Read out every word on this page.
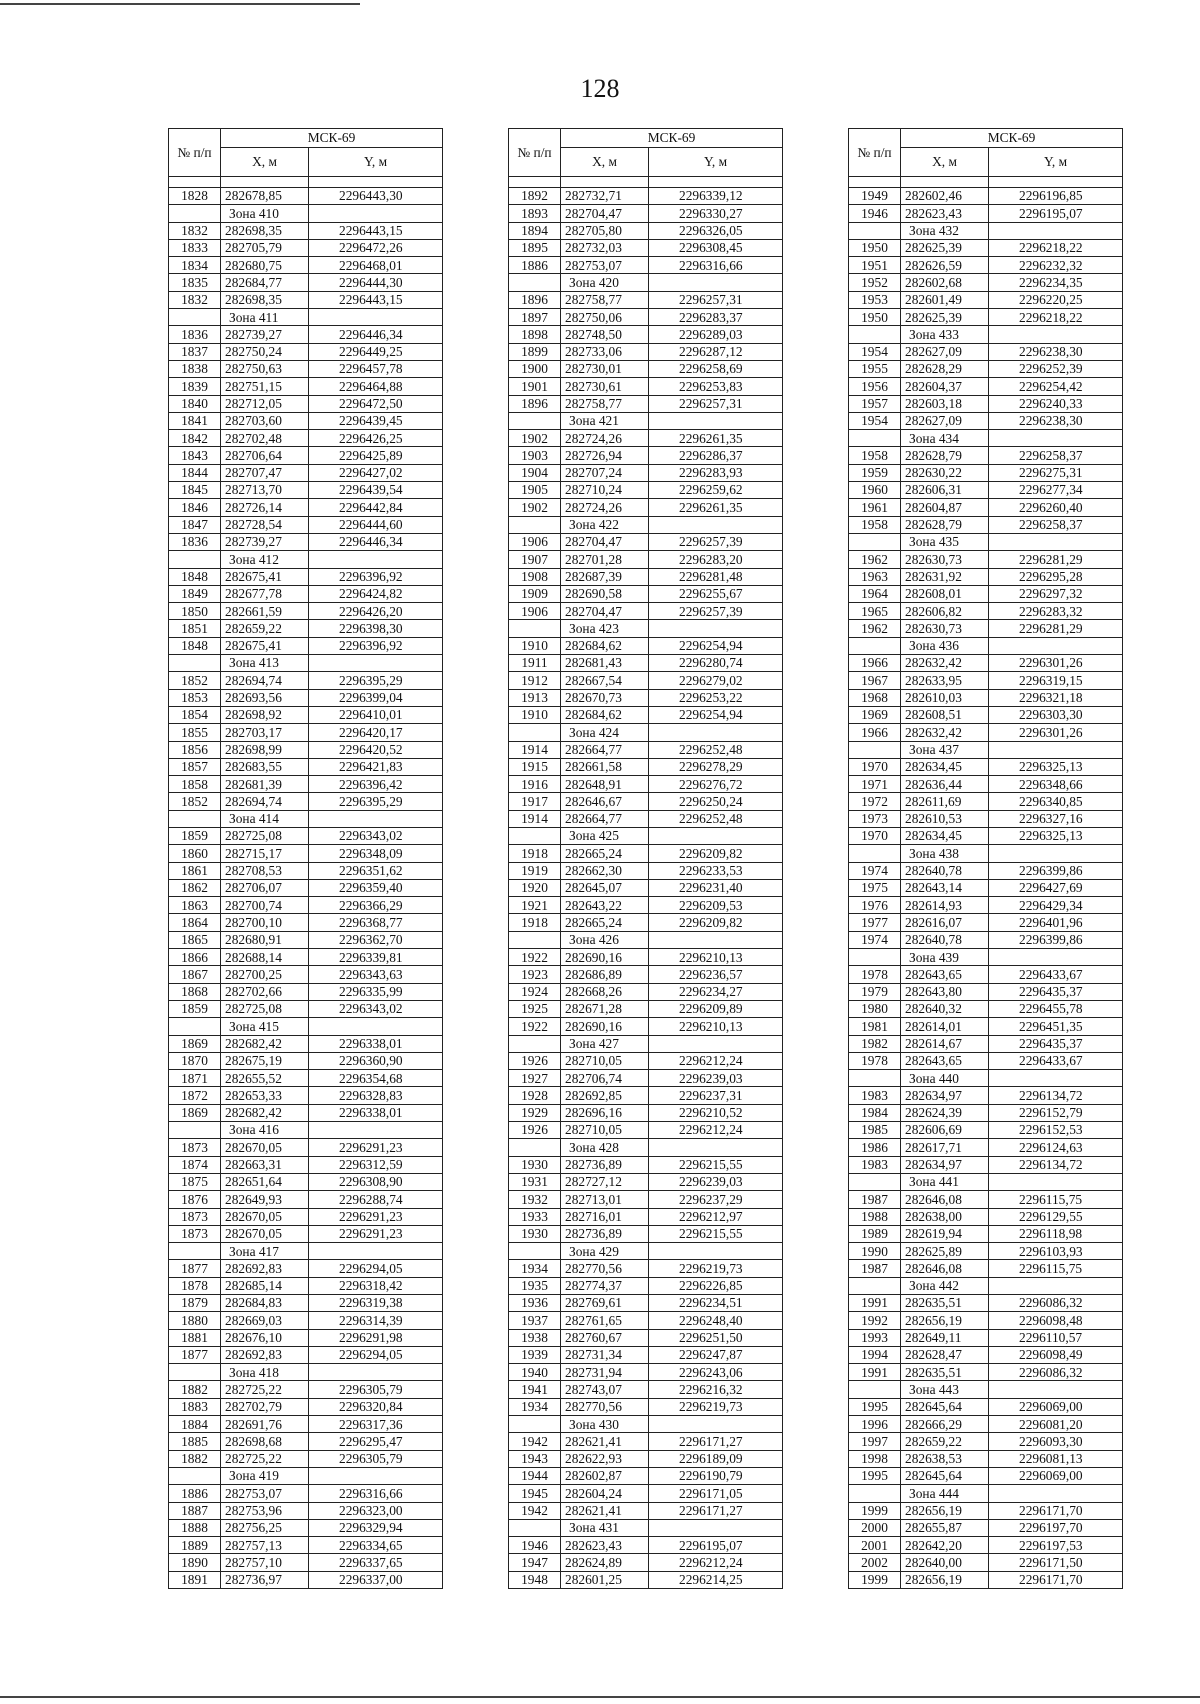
128
№ п/п	МСК-69	
	X, м	Y, м

1828	282678,85	2296443,30
	Зона 410	
1832	282698,35	2296443,15
1833	282705,79	2296472,26
1834	282680,75	2296468,01
1835	282684,77	2296444,30
1832	282698,35	2296443,15
	Зона 411	
1836	282739,27	2296446,34
1837	282750,24	2296449,25
1838	282750,63	2296457,78
1839	282751,15	2296464,88
1840	282712,05	2296472,50
1841	282703,60	2296439,45
1842	282702,48	2296426,25
1843	282706,64	2296425,89
1844	282707,47	2296427,02
1845	282713,70	2296439,54
1846	282726,14	2296442,84
1847	282728,54	2296444,60
1836	282739,27	2296446,34
	Зона 412	
1848	282675,41	2296396,92
1849	282677,78	2296424,82
1850	282661,59	2296426,20
1851	282659,22	2296398,30
1848	282675,41	2296396,92
	Зона 413	
1852	282694,74	2296395,29
1853	282693,56	2296399,04
1854	282698,92	2296410,01
1855	282703,17	2296420,17
1856	282698,99	2296420,52
1857	282683,55	2296421,83
1858	282681,39	2296396,42
1852	282694,74	2296395,29
	Зона 414	
1859	282725,08	2296343,02
1860	282715,17	2296348,09
1861	282708,53	2296351,62
1862	282706,07	2296359,40
1863	282700,74	2296366,29
1864	282700,10	2296368,77
1865	282680,91	2296362,70
1866	282688,14	2296339,81
1867	282700,25	2296343,63
1868	282702,66	2296335,99
1859	282725,08	2296343,02
	Зона 415	
1869	282682,42	2296338,01
1870	282675,19	2296360,90
1871	282655,52	2296354,68
1872	282653,33	2296328,83
1869	282682,42	2296338,01
	Зона 416	
1873	282670,05	2296291,23
1874	282663,31	2296312,59
1875	282651,64	2296308,90
1876	282649,93	2296288,74
1873	282670,05	2296291,23
1873	282670,05	2296291,23
	Зона 417	
1877	282692,83	2296294,05
1878	282685,14	2296318,42
1879	282684,83	2296319,38
1880	282669,03	2296314,39
1881	282676,10	2296291,98
1877	282692,83	2296294,05
	Зона 418	
1882	282725,22	2296305,79
1883	282702,79	2296320,84
1884	282691,76	2296317,36
1885	282698,68	2296295,47
1882	282725,22	2296305,79
	Зона 419	
1886	282753,07	2296316,66
1887	282753,96	2296323,00
1888	282756,25	2296329,94
1889	282757,13	2296334,65
1890	282757,10	2296337,65
1891	282736,97	2296337,00
№ п/п	МСК-69	
	X, м	Y, м

1892	282732,71	2296339,12
1893	282704,47	2296330,27
1894	282705,80	2296326,05
1895	282732,03	2296308,45
1886	282753,07	2296316,66
	Зона 420	
1896	282758,77	2296257,31
1897	282750,06	2296283,37
1898	282748,50	2296289,03
1899	282733,06	2296287,12
1900	282730,01	2296258,69
1901	282730,61	2296253,83
1896	282758,77	2296257,31
	Зона 421	
1902	282724,26	2296261,35
1903	282726,94	2296286,37
1904	282707,24	2296283,93
1905	282710,24	2296259,62
1902	282724,26	2296261,35
	Зона 422	
1906	282704,47	2296257,39
1907	282701,28	2296283,20
1908	282687,39	2296281,48
1909	282690,58	2296255,67
1906	282704,47	2296257,39
	Зона 423	
1910	282684,62	2296254,94
1911	282681,43	2296280,74
1912	282667,54	2296279,02
1913	282670,73	2296253,22
1910	282684,62	2296254,94
	Зона 424	
1914	282664,77	2296252,48
1915	282661,58	2296278,29
1916	282648,91	2296276,72
1917	282646,67	2296250,24
1914	282664,77	2296252,48
	Зона 425	
1918	282665,24	2296209,82
1919	282662,30	2296233,53
1920	282645,07	2296231,40
1921	282643,22	2296209,53
1918	282665,24	2296209,82
	Зона 426	
1922	282690,16	2296210,13
1923	282686,89	2296236,57
1924	282668,26	2296234,27
1925	282671,28	2296209,89
1922	282690,16	2296210,13
	Зона 427	
1926	282710,05	2296212,24
1927	282706,74	2296239,03
1928	282692,85	2296237,31
1929	282696,16	2296210,52
1926	282710,05	2296212,24
	Зона 428	
1930	282736,89	2296215,55
1931	282727,12	2296239,03
1932	282713,01	2296237,29
1933	282716,01	2296212,97
1930	282736,89	2296215,55
	Зона 429	
1934	282770,56	2296219,73
1935	282774,37	2296226,85
1936	282769,61	2296234,51
1937	282761,65	2296248,40
1938	282760,67	2296251,50
1939	282731,34	2296247,87
1940	282731,94	2296243,06
1941	282743,07	2296216,32
1934	282770,56	2296219,73
	Зона 430	
1942	282621,41	2296171,27
1943	282622,93	2296189,09
1944	282602,87	2296190,79
1945	282604,24	2296171,05
1942	282621,41	2296171,27
	Зона 431	
1946	282623,43	2296195,07
1947	282624,89	2296212,24
1948	282601,25	2296214,25
№ п/п	МСК-69	
	X, м	Y, м

1949	282602,46	2296196,85
1946	282623,43	2296195,07
	Зона 432	
1950	282625,39	2296218,22
1951	282626,59	2296232,32
1952	282602,68	2296234,35
1953	282601,49	2296220,25
1950	282625,39	2296218,22
	Зона 433	
1954	282627,09	2296238,30
1955	282628,29	2296252,39
1956	282604,37	2296254,42
1957	282603,18	2296240,33
1954	282627,09	2296238,30
	Зона 434	
1958	282628,79	2296258,37
1959	282630,22	2296275,31
1960	282606,31	2296277,34
1961	282604,87	2296260,40
1958	282628,79	2296258,37
	Зона 435	
1962	282630,73	2296281,29
1963	282631,92	2296295,28
1964	282608,01	2296297,32
1965	282606,82	2296283,32
1962	282630,73	2296281,29
	Зона 436	
1966	282632,42	2296301,26
1967	282633,95	2296319,15
1968	282610,03	2296321,18
1969	282608,51	2296303,30
1966	282632,42	2296301,26
	Зона 437	
1970	282634,45	2296325,13
1971	282636,44	2296348,66
1972	282611,69	2296340,85
1973	282610,53	2296327,16
1970	282634,45	2296325,13
	Зона 438	
1974	282640,78	2296399,86
1975	282643,14	2296427,69
1976	282614,93	2296429,34
1977	282616,07	2296401,96
1974	282640,78	2296399,86
	Зона 439	
1978	282643,65	2296433,67
1979	282643,80	2296435,37
1980	282640,32	2296455,78
1981	282614,01	2296451,35
1982	282614,67	2296435,37
1978	282643,65	2296433,67
	Зона 440	
1983	282634,97	2296134,72
1984	282624,39	2296152,79
1985	282606,69	2296152,53
1986	282617,71	2296124,63
1983	282634,97	2296134,72
	Зона 441	
1987	282646,08	2296115,75
1988	282638,00	2296129,55
1989	282619,94	2296118,98
1990	282625,89	2296103,93
1987	282646,08	2296115,75
	Зона 442	
1991	282635,51	2296086,32
1992	282656,19	2296098,48
1993	282649,11	2296110,57
1994	282628,47	2296098,49
1991	282635,51	2296086,32
	Зона 443	
1995	282645,64	2296069,00
1996	282666,29	2296081,20
1997	282659,22	2296093,30
1998	282638,53	2296081,13
1995	282645,64	2296069,00
	Зона 444	
1999	282656,19	2296171,70
2000	282655,87	2296197,70
2001	282642,20	2296197,53
2002	282640,00	2296171,50
1999	282656,19	2296171,70
